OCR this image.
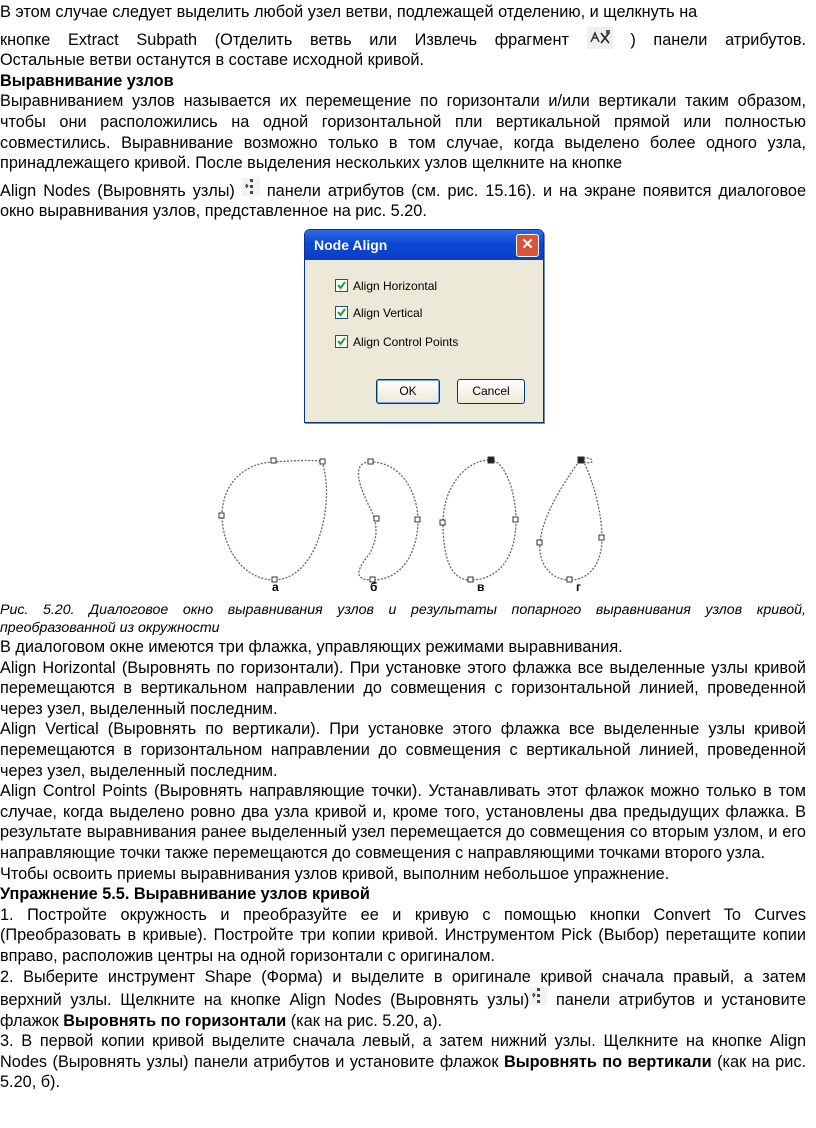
В этом случае следует выделить любой узел ветви, подлежащей отделению, и щелкнуть на

кнопке Extract Subpath (Отделить ветвь или Извлечь фрагмент	) панели атрибутов.

Остальные ветви останутся в составе исходной кривой.

Выравнивание узлов

Выравниванием узлов называется их перемещение по горизонтали и/или вертикали таким образом, чтобы они расположились на одной горизонтальной пли вертикальной прямой или полностью совместились. Выравнивание возможно только в том случае, когда выделено более одного узла, принадлежащего кривой. После выделения нескольких узлов щелкните на кнопке

Align Nodes (Выровнять узлы) панели атрибутов (см. рис. 15.16). и на экране появится диалоговое окно выравнивания узлов, представленное на рис. 5.20.

Node Align	✕
Align Horizontal
Align Vertical
Align Control Points
OK	Cancel
а	б	в	г

Рис. 5.20. Диалоговое окно выравнивания узлов и результаты попарного выравнивания узлов кривой, преобразованной из окружности

В диалоговом окне имеются три флажка, управляющих режимами выравнивания.

Align Horizontal (Выровнять по горизонтали). При установке этого флажка все выделенные узлы кривой перемещаются в вертикальном направлении до совмещения с горизонтальной линией, проведенной через узел, выделенный последним.

Align Vertical (Выровнять по вертикали). При установке этого флажка все выделенные узлы кривой перемещаются в горизонтальном направлении до совмещения с вертикальной линией, проведенной через узел, выделенный последним.

Align Control Points (Выровнять направляющие точки). Устанавливать этот флажок можно только в том случае, когда выделено ровно два узла кривой и, кроме того, установлены два предыдущих флажка. В результате выравнивания ранее выделенный узел перемещается до совмещения со вторым узлом, и его направляющие точки также перемещаются до совмещения с направляющими точками второго узла.

Чтобы освоить приемы выравнивания узлов кривой, выполним небольшое упражнение.

Упражнение 5.5. Выравнивание узлов кривой

1. Постройте окружность и преобразуйте ее и кривую с помощью кнопки Convert To Curves (Преобразовать в кривые). Постройте три копии кривой. Инструментом Pick (Выбор) перетащите копии вправо, расположив центры на одной горизонтали с оригиналом.

2. Выберите инструмент Shape (Форма) и выделите в оригинале кривой сначала правый, а затем верхний узлы. Щелкните на кнопке Align Nodes (Выровнять узлы) панели атрибутов и установите флажок Выровнять по горизонтали (как на рис. 5.20, а).

3. В первой копии кривой выделите сначала левый, а затем нижний узлы. Щелкните на кнопке Align Nodes (Выровнять узлы) панели атрибутов и установите флажок Выровнять по вертикали (как на рис. 5.20, б).
